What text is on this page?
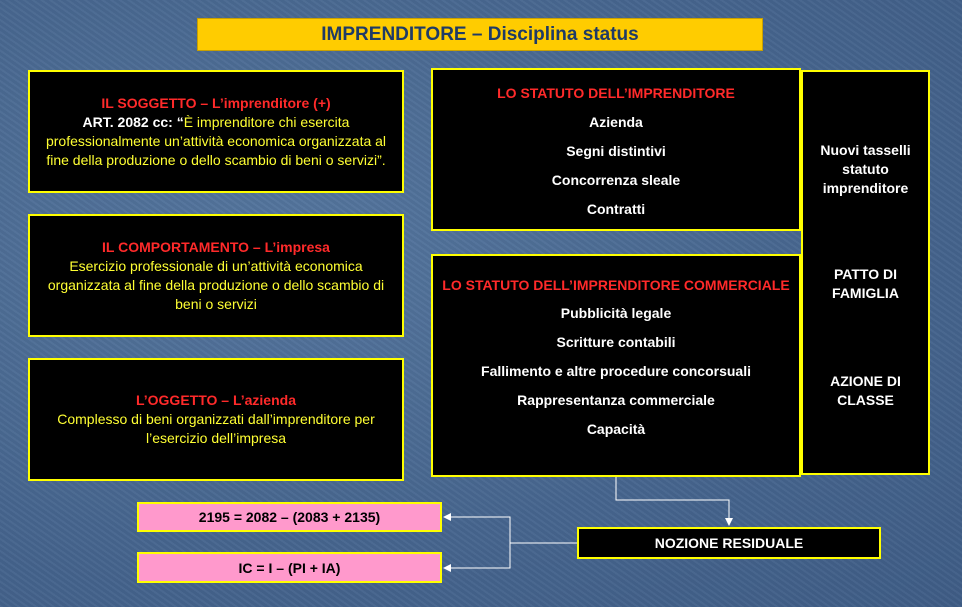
IMPRENDITORE – Disciplina status
IL SOGGETTO – L’imprenditore (+)
ART. 2082 cc: “È imprenditore chi esercita professionalmente un’attività economica organizzata al fine della produzione o dello scambio di beni o servizi”.
IL COMPORTAMENTO – L’impresa
Esercizio professionale di un’attività economica organizzata al fine della produzione o dello scambio di beni o servizi
L’OGGETTO – L’azienda
Complesso di beni organizzati dall’imprenditore per l’esercizio dell’impresa
LO STATUTO DELL’IMPRENDITORE
Azienda
Segni distintivi
Concorrenza sleale
Contratti
LO STATUTO DELL’IMPRENDITORE COMMERCIALE
Pubblicità legale
Scritture contabili
Fallimento e altre procedure concorsuali
Rappresentanza commerciale
Capacità
Nuovi tasselli statuto imprenditore
PATTO DI FAMIGLIA
AZIONE DI CLASSE
2195 = 2082 – (2083 + 2135)
IC = I – (PI + IA)
NOZIONE RESIDUALE
